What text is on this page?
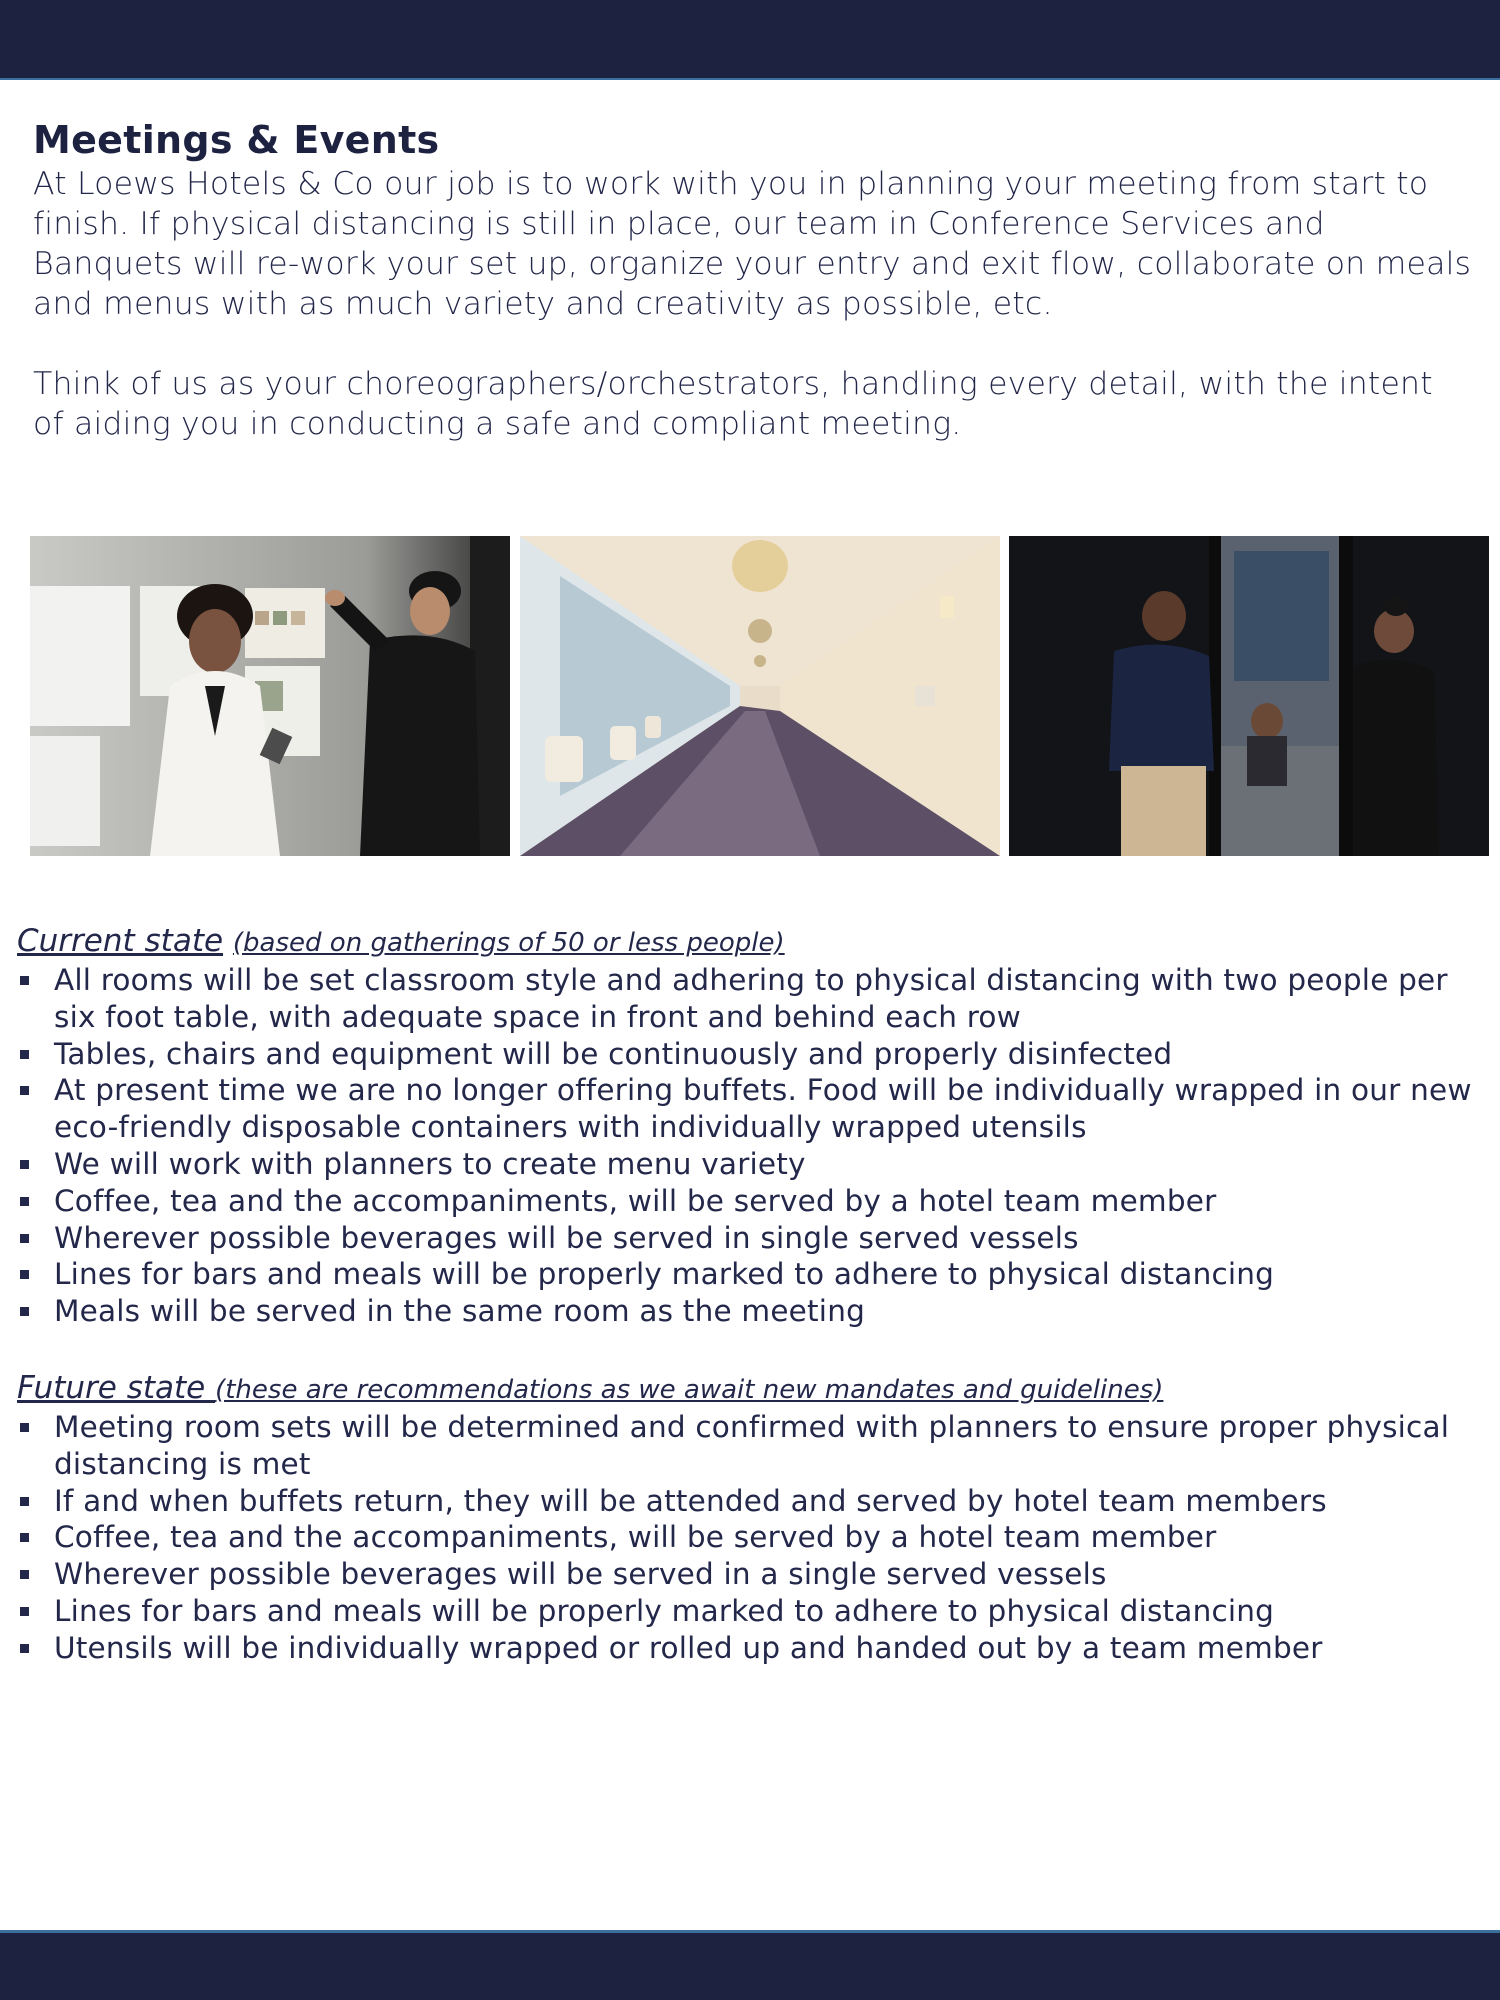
Meetings & Events

At Loews Hotels & Co our job is to work with you in planning your meeting from start to finish. If physical distancing is still in place, our team in Conference Services and Banquets will re-work your set up, organize your entry and exit flow, collaborate on meals and menus with as much variety and creativity as possible, etc.

Think of us as your choreographers/orchestrators, handling every detail, with the intent of aiding you in conducting a safe and compliant meeting.

Current state (based on gatherings of 50 or less people)
All rooms will be set classroom style and adhering to physical distancing with two people per six foot table, with adequate space in front and behind each row
Tables, chairs and equipment will be continuously and properly disinfected
At present time we are no longer offering buffets. Food will be individually wrapped in our new eco-friendly disposable containers with individually wrapped utensils
We will work with planners to create menu variety
Coffee, tea and the accompaniments, will be served by a hotel team member
Wherever possible beverages will be served in single served vessels
Lines for bars and meals will be properly marked to adhere to physical distancing
Meals will be served in the same room as the meeting
Future state (these are recommendations as we await new mandates and guidelines)
Meeting room sets will be determined and confirmed with planners to ensure proper physical distancing is met
If and when buffets return, they will be attended and served by hotel team members
Coffee, tea and the accompaniments, will be served by a hotel team member
Wherever possible beverages will be served in a single served vessels
Lines for bars and meals will be properly marked to adhere to physical distancing
Utensils will be individually wrapped or rolled up and handed out by a team member
